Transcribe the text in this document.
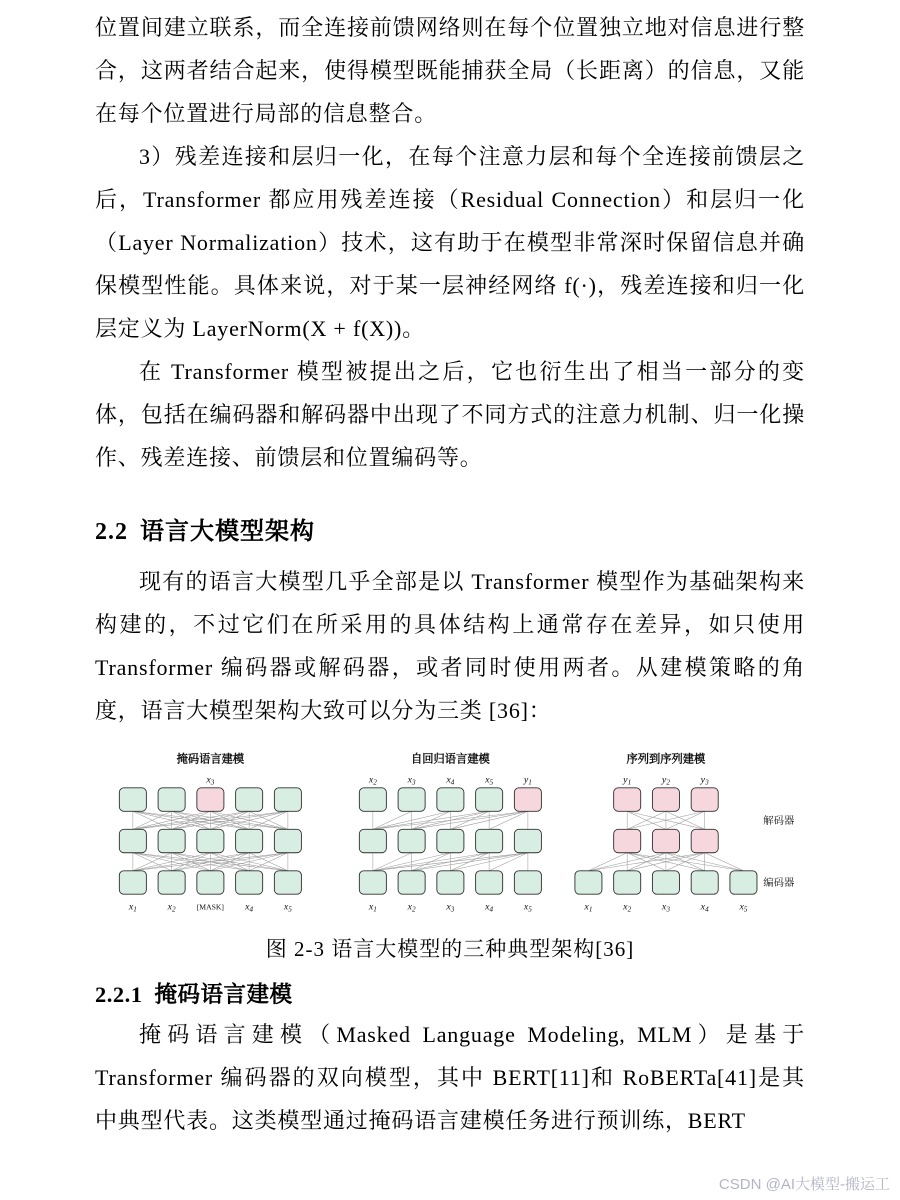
位置间建立联系，而全连接前馈网络则在每个位置独立地对信息进行整合，这两者结合起来，使得模型既能捕获全局（长距离）的信息，又能在每个位置进行局部的信息整合。

3）残差连接和层归一化，在每个注意力层和每个全连接前馈层之后，Transformer 都应用残差连接（Residual Connection）和层归一化（Layer Normalization）技术，这有助于在模型非常深时保留信息并确保模型性能。具体来说，对于某一层神经网络 f(·)，残差连接和归一化层定义为 LayerNorm(X + f(X))。

在 Transformer 模型被提出之后，它也衍生出了相当一部分的变体，包括在编码器和解码器中出现了不同方式的注意力机制、归一化操作、残差连接、前馈层和位置编码等。

2.2 语言大模型架构

现有的语言大模型几乎全部是以 Transformer 模型作为基础架构来构建的，不过它们在所采用的具体结构上通常存在差异，如只使用 Transformer 编码器或解码器，或者同时使用两者。从建模策略的角度，语言大模型架构大致可以分为三类 [36]：

掩码语言建模
x3
x1	x2 [MASK] x4	x5
自回归语言建模
x2	x3	x4	x5	y1
x1	x2	x3	x4	x5
序列到序列建模
y1	y2	y3
x1	x2	x3	x4	x5
解码器
编码器
图 2-3 语言大模型的三种典型架构[36]
2.2.1 掩码语言建模

掩码语言建模（Masked Language Modeling, MLM）是基于 Transformer 编码器的双向模型，其中 BERT[11]和 RoBERTa[41]是其中典型代表。这类模型通过掩码语言建模任务进行预训练，BERT

CSDN @AI大模型-搬运工
